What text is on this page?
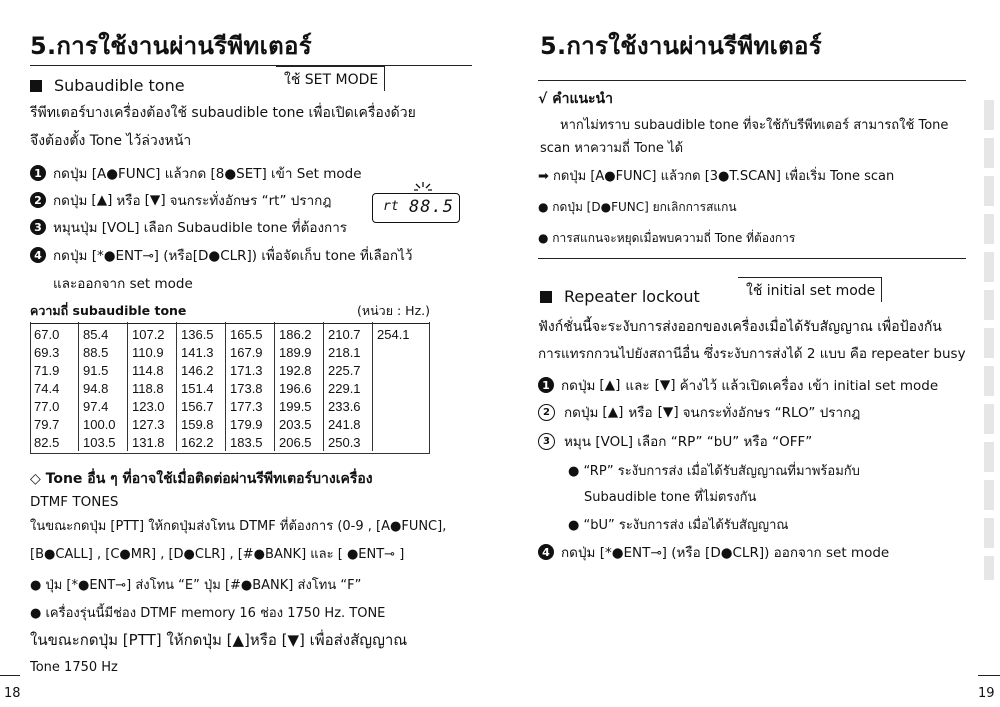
5.การใช้งานผ่านรีพีทเตอร์
Subaudible tone	ใช้ SET MODE
รีพีทเตอร์บางเครื่องต้องใช้ subaudible tone เพื่อเปิดเครื่องด้วย
จึงต้องตั้ง Tone ไว้ล่วงหน้า
1 กดปุ่ม [A●FUNC] แล้วกด [8●SET] เข้า Set mode
2 กดปุ่ม [ ▲ ] หรือ [ ▼ ] จนกระทั่งอักษร “rt” ปรากฎ
3 หมุนปุ่ม [VOL] เลือก Subaudible tone ที่ต้องการ
4 กดปุ่ม [*●ENT⊸] (หรือ[D●CLR]) เพื่อจัดเก็บ tone ที่เลือกไว้
และออกจาก set mode
rt 88.5
ความถี่ subaudible tone	(หน่วย : Hz.)
67.0	85.4	107.2	136.5	165.5	186.2	210.7	254.1
69.3	88.5	110.9	141.3	167.9	189.9	218.1	
71.9	91.5	114.8	146.2	171.3	192.8	225.7	
74.4	94.8	118.8	151.4	173.8	196.6	229.1	
77.0	97.4	123.0	156.7	177.3	199.5	233.6	
79.7	100.0	127.3	159.8	179.9	203.5	241.8	
82.5	103.5	131.8	162.2	183.5	206.5	250.3	
◇ Tone อื่น ๆ ที่อาจใช้เมื่อติดต่อผ่านรีพีทเตอร์บางเครื่อง
DTMF TONES
ในขณะกดปุ่ม [PTT] ให้กดปุ่มส่งโทน DTMF ที่ต้องการ (0-9 , [A●FUNC],
[B●CALL] , [C●MR] , [D●CLR] , [#●BANK] และ [ ●ENT⊸ ]
● ปุ่ม [*●ENT⊸] ส่งโทน “E” ปุ่ม [#●BANK] ส่งโทน “F”
● เครื่องรุ่นนี้มีช่อง DTMF memory 16 ช่อง 1750 Hz. TONE
ในขณะกดปุ่ม [PTT] ให้กดปุ่ม [▲]หรือ [▼] เพื่อส่งสัญญาณ
Tone 1750 Hz
18
5.การใช้งานผ่านรีพีทเตอร์
√ คำแนะนำ
หากไม่ทราบ subaudible tone ที่จะใช้กับรีพีทเตอร์ สามารถใช้ Tone
scan หาความถี่ Tone ได้
➡ กดปุ่ม [A●FUNC] แล้วกด [3●T.SCAN] เพื่อเริ่ม Tone scan
● กดปุ่ม [D●FUNC] ยกเลิกการสแกน
● การสแกนจะหยุดเมื่อพบความถี่ Tone ที่ต้องการ
Repeater lockout	ใช้ initial set mode
ฟังก์ชั่นนี้จะระงับการส่งออกของเครื่องเมื่อได้รับสัญญาณ เพื่อป้องกัน
การแทรกกวนไปยังสถานีอื่น ซึ่งระงับการส่งได้ 2 แบบ คือ repeater busy
1 กดปุ่ม [ ▲ ] และ [ ▼ ] ค้างไว้ แล้วเปิดเครื่อง เข้า initial set mode
2	กดปุ่ม [ ▲ ] หรือ [ ▼ ] จนกระทั่งอักษร “RLO” ปรากฎ
3	หมุน [VOL] เลือก “RP” “bU” หรือ “OFF”
● “RP” ระงับการส่ง เมื่อได้รับสัญญาณที่มาพร้อมกับ
Subaudible tone ที่ไม่ตรงกัน
● “bU” ระงับการส่ง เมื่อได้รับสัญญาณ
4 กดปุ่ม [*●ENT⊸] (หรือ [D●CLR]) ออกจาก set mode
19
